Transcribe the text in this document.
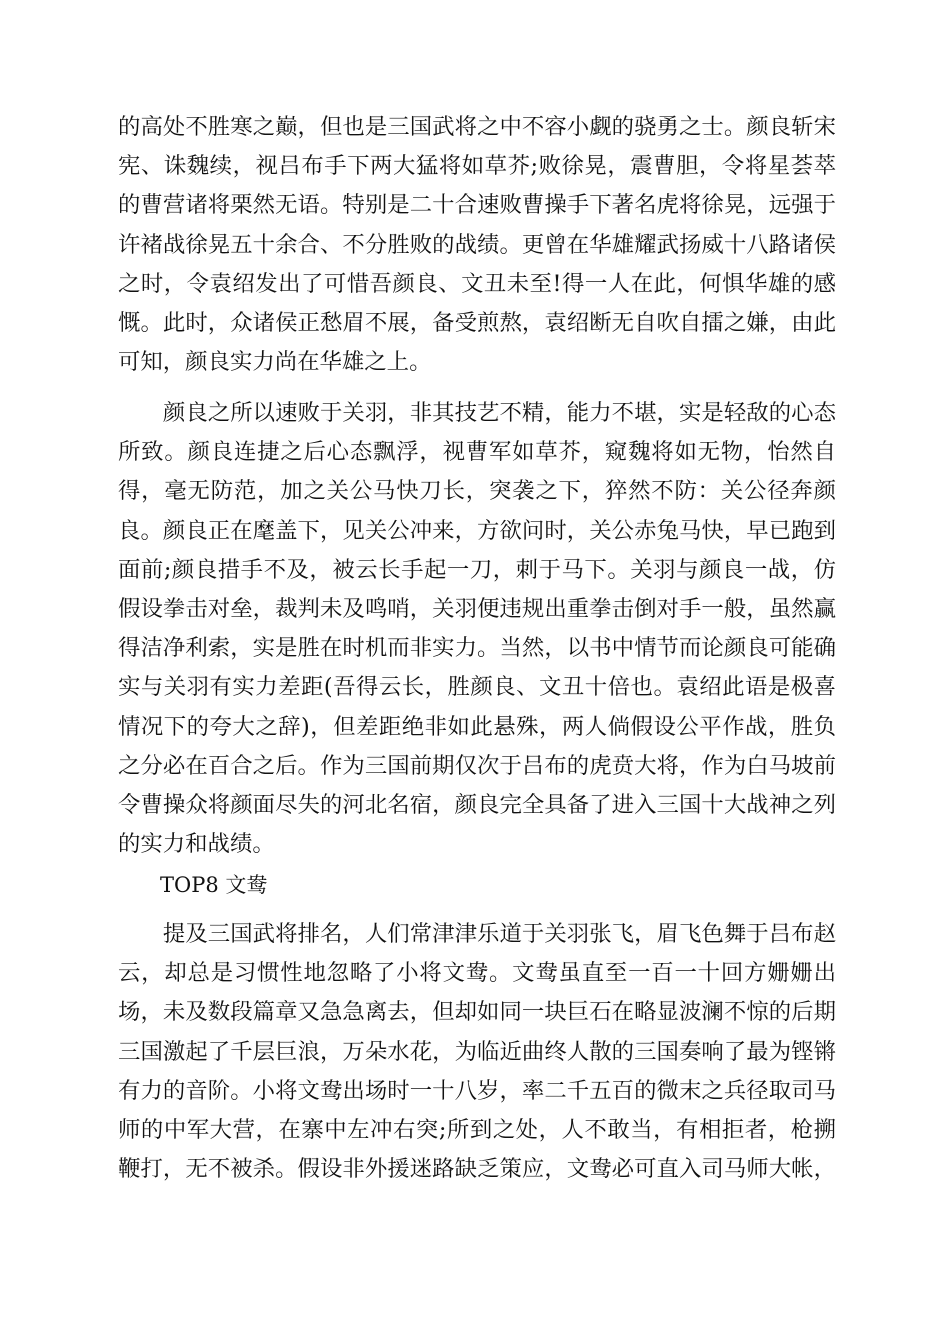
的高处不胜寒之巅，但也是三国武将之中不容小觑的骁勇之士。颜良斩宋
宪、诛魏续，视吕布手下两大猛将如草芥;败徐晃，震曹胆，令将星荟萃
的曹营诸将栗然无语。特别是二十合速败曹操手下著名虎将徐晃，远强于
许褚战徐晃五十余合、不分胜败的战绩。更曾在华雄耀武扬威十八路诸侯
之时，令袁绍发出了可惜吾颜良、文丑未至!得一人在此，何惧华雄的感
慨。此时，众诸侯正愁眉不展，备受煎熬，袁绍断无自吹自擂之嫌，由此
可知，颜良实力尚在华雄之上。
　　颜良之所以速败于关羽，非其技艺不精，能力不堪，实是轻敌的心态
所致。颜良连捷之后心态飘浮，视曹军如草芥，窥魏将如无物，怡然自
得，毫无防范，加之关公马快刀长，突袭之下，猝然不防：关公径奔颜
良。颜良正在麾盖下，见关公冲来，方欲问时，关公赤兔马快，早已跑到
面前;颜良措手不及，被云长手起一刀，刺于马下。关羽与颜良一战，仿
假设拳击对垒，裁判未及鸣哨，关羽便违规出重拳击倒对手一般，虽然赢
得洁净利索，实是胜在时机而非实力。当然，以书中情节而论颜良可能确
实与关羽有实力差距(吾得云长，胜颜良、文丑十倍也。袁绍此语是极喜
情况下的夸大之辞)，但差距绝非如此悬殊，两人倘假设公平作战，胜负
之分必在百合之后。作为三国前期仅次于吕布的虎贲大将，作为白马坡前
令曹操众将颜面尽失的河北名宿，颜良完全具备了进入三国十大战神之列
的实力和战绩。
TOP8 文鸯
　　提及三国武将排名，人们常津津乐道于关羽张飞，眉飞色舞于吕布赵
云，却总是习惯性地忽略了小将文鸯。文鸯虽直至一百一十回方姗姗出
场，未及数段篇章又急急离去，但却如同一块巨石在略显波澜不惊的后期
三国激起了千层巨浪，万朵水花，为临近曲终人散的三国奏响了最为铿锵
有力的音阶。小将文鸯出场时一十八岁，率二千五百的微末之兵径取司马
师的中军大营，在寨中左冲右突;所到之处，人不敢当，有相拒者，枪搠
鞭打，无不被杀。假设非外援迷路缺乏策应，文鸯必可直入司马师大帐，
